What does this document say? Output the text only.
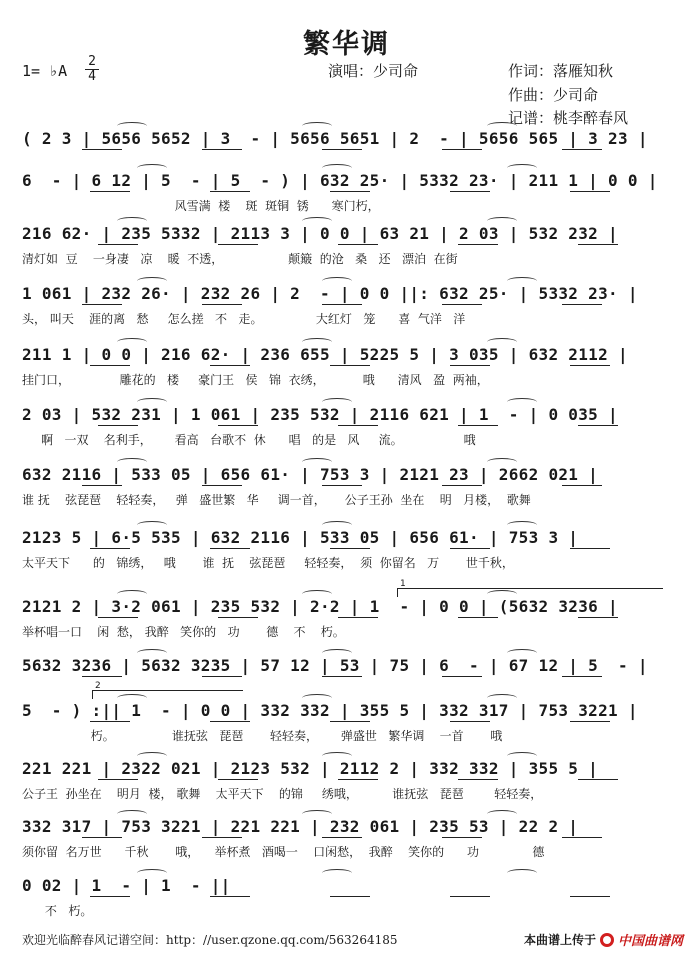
繁华调
1= ♭A
2
4	演唱：少司命	作词：落雁知秋
作曲：少司命
记谱：桃李醉春风
( 2 3 | 5656 5652 | 3  - | 5656 5651 | 2  - | 5656 565 | 3 23 |
6  - | 6 12 | 5  - | 5  - ) | 632 25· | 5332 23· | 211 1 | 0 0 |
风雪满  楼    斑  斑铜  锈      寒门朽，
216 62· | 235 5332 | 2113 3 | 0 0 | 63 21 | 2 03 | 532 232 |
清灯如  豆    一身凄   凉    暖  不透，                 颠簸  的沧   桑   还   漂泊  在街
1 061 | 232 26· | 232 26 | 2  - | 0 0 ||: 632 25· | 5332 23· |
头， 叫天    涯的离   愁     怎么搓   不   走。              大红灯   笼      喜  气洋   洋
211 1 | 0 0 | 216 62· | 236 655 | 5225 5 | 3 035 | 632 2112 |
挂门口，             雕花的   楼     豪门王   侯   锦  衣绣，          哦      清风   盈  两袖，
2 03 | 532 231 | 1 061 | 235 532 | 2116 621 | 1  - | 0 035 |
啊   一双    名利手，      看高   台歌不  休      唱   的是   风     流。                哦
632 2116 | 533 05 | 656 61· | 753 3 | 2121 23 | 2662 021 |
谁 抚    弦琵琶    轻轻奏，   弹   盛世繁   华     调一首，     公子王孙  坐在    明   月楼，  歌舞
2123 5 | 6·5 535 | 632 2116 | 533 05 | 656 61· | 753 3 |
太平天下      的   锦绣，   哦       谁  抚    弦琵琶     轻轻奏，  须  你留名   万       世千秋，
2121 2 | 3·2 061 | 235 532 | 2·2 | 1  - | 0 0 | (5632 3236 |
举杯唱一口    闲  愁， 我醉   笑你的   功       德    不    朽。
5632 3236 | 5632 3235 | 57 12 | 53 | 75 | 6  - | 67 12 | 5  - |
5  - ) :|| 1  - | 0 0 | 332 332 | 355 5 | 332 317 | 753 3221 |
朽。               谁抚弦   琵琶       轻轻奏，      弹盛世   繁华调    一首       哦
221 221 | 2322 021 | 2123 532 | 2112 2 | 332 332 | 355 5 |
公子王  孙坐在    明月  楼， 歌舞    太平天下    的锦     绣哦，         谁抚弦   琵琶        轻轻奏，
332 317 | 753 3221 | 221 221 | 232 061 | 235 53 | 22 2 |
须你留  名万世      千秋       哦，    举杯煮   酒喝一    口闲愁，  我醉    笑你的      功              德
0 02 | 1  - | 1  - ||
不   朽。
欢迎光临醉春风记谱空间：http：//user.qzone.qq.com/563264185	本曲谱上传于 中国曲谱网
1
2
